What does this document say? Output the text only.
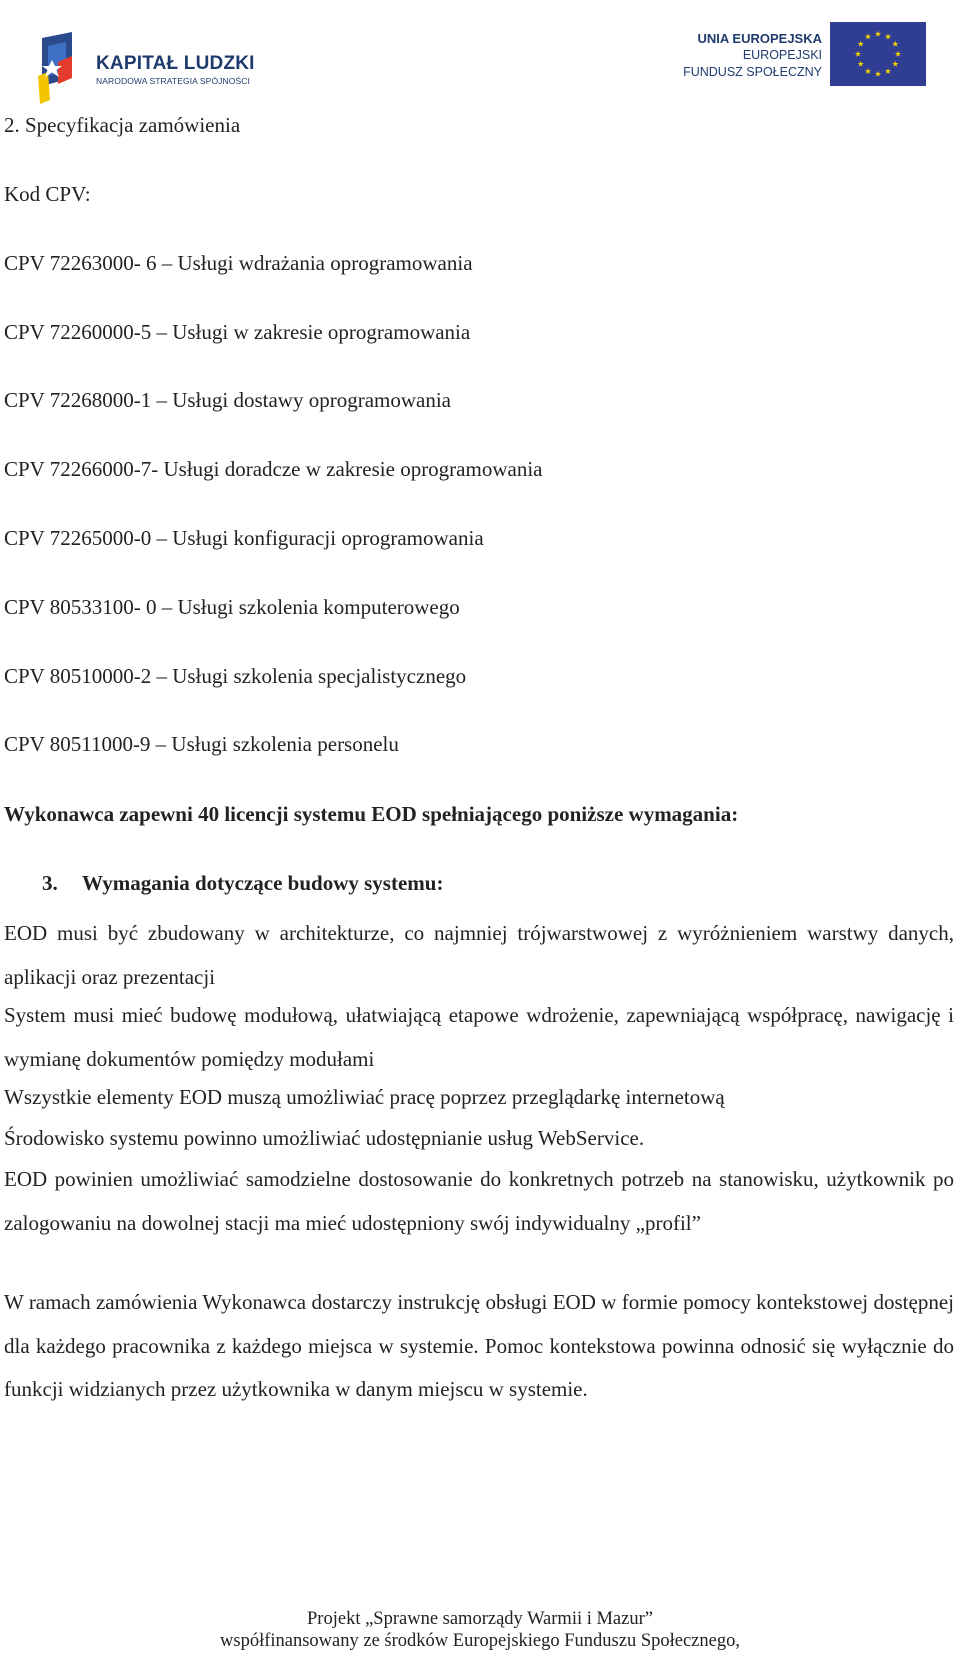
KAPITAŁ LUDZKI
NARODOWA STRATEGIA SPÓJNOŚCI
UNIA EUROPEJSKA
EUROPEJSKI
FUNDUSZ SPOŁECZNY
2. Specyfikacja zamówienia
Kod CPV:
CPV 72263000- 6 – Usługi wdrażania oprogramowania
CPV 72260000-5 – Usługi w zakresie oprogramowania
CPV 72268000-1 – Usługi dostawy oprogramowania
CPV 72266000-7- Usługi doradcze w zakresie oprogramowania
CPV 72265000-0 – Usługi konfiguracji oprogramowania
CPV 80533100- 0 – Usługi szkolenia komputerowego
CPV 80510000-2 – Usługi szkolenia specjalistycznego
CPV 80511000-9 – Usługi szkolenia personelu
Wykonawca zapewni 40 licencji systemu EOD spełniającego poniższe wymagania:
3. Wymagania dotyczące budowy systemu:
EOD musi być zbudowany w architekturze, co najmniej trójwarstwowej z wyróżnieniem warstwy danych, aplikacji oraz prezentacji
System musi mieć budowę modułową, ułatwiającą etapowe wdrożenie, zapewniającą współpracę, nawigację i wymianę dokumentów pomiędzy modułami
Wszystkie elementy EOD muszą umożliwiać pracę poprzez przeglądarkę internetową
Środowisko systemu powinno umożliwiać udostępnianie usług WebService.
EOD powinien umożliwiać samodzielne dostosowanie do konkretnych potrzeb na stanowisku, użytkownik po zalogowaniu na dowolnej stacji ma mieć udostępniony swój indywidualny „profil”
W ramach zamówienia Wykonawca dostarczy instrukcję obsługi EOD w formie pomocy kontekstowej dostępnej dla każdego pracownika z każdego miejsca w systemie. Pomoc kontekstowa powinna odnosić się wyłącznie do funkcji widzianych przez użytkownika w danym miejscu w systemie.
Projekt „Sprawne samorządy Warmii i Mazur”
współfinansowany ze środków Europejskiego Funduszu Społecznego,
